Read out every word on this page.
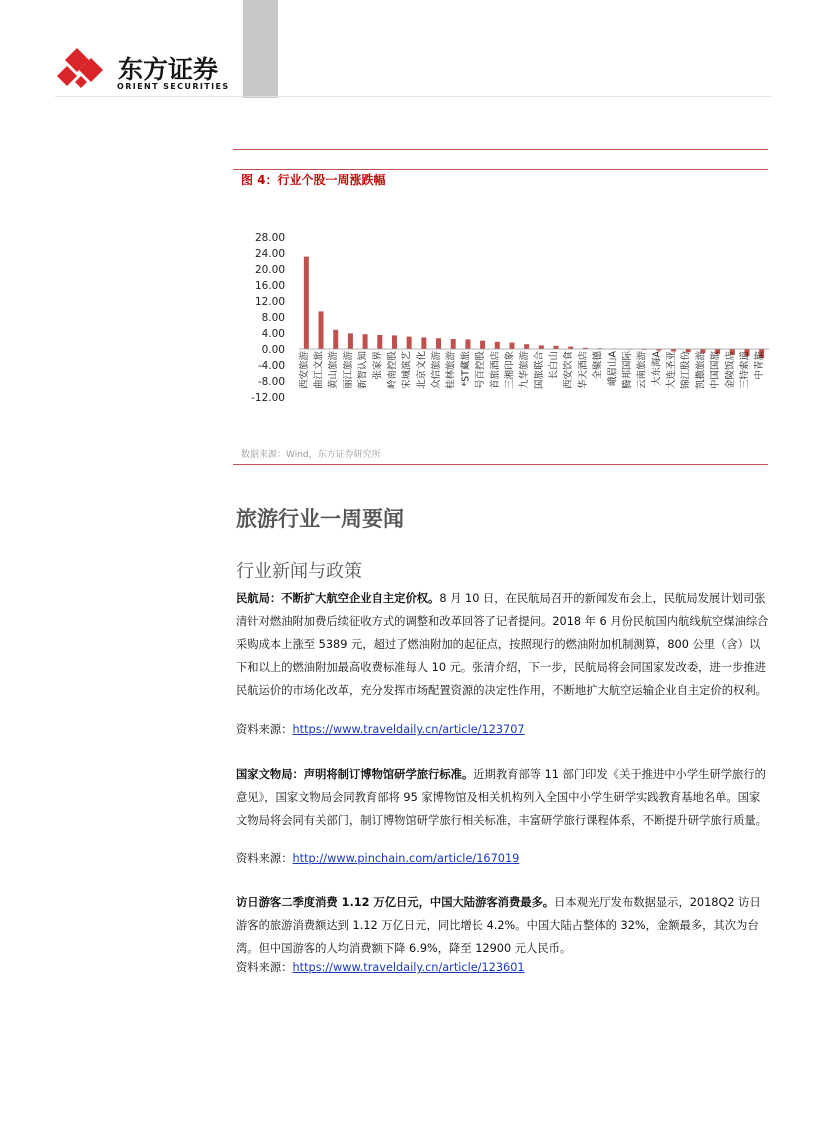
东方证券
ORIENT SECURITIES
图 4：行业个股一周涨跌幅
28.00
24.00
20.00
16.00
12.00
8.00
4.00
0.00
-4.00
-8.00
-12.00
西安旅游 曲江文旅 黄山旅游 丽江旅游 新智认知 张家界 岭南控股 宋城演艺 北京文化 众信旅游 桂林旅游 *ST藏旅 号百控股 首旅酒店 三湘印象 九华旅游 国旅联合 长白山 西安饮食 华天酒店 全聚德 峨眉山A 腾邦国际 云南旅游 大东海A 大连圣亚 锦江股份 凯撒旅游 中国国旅 金陵饭店 三特索道 中青旅
数据来源：Wind，东方证券研究所
旅游行业一周要闻
行业新闻与政策
民航局：不断扩大航空企业自主定价权。8 月 10 日，在民航局召开的新闻发布会上，民航局发展计划司张清针对燃油附加费后续征收方式的调整和改革回答了记者提问。2018 年 6 月份民航国内航线航空煤油综合采购成本上涨至 5389 元，超过了燃油附加的起征点，按照现行的燃油附加机制测算，800 公里（含）以下和以上的燃油附加最高收费标准每人 10 元。张清介绍，下一步，民航局将会同国家发改委，进一步推进民航运价的市场化改革，充分发挥市场配置资源的决定性作用，不断地扩大航空运输企业自主定价的权利。
资料来源：https://www.traveldaily.cn/article/123707
国家文物局：声明将制订博物馆研学旅行标准。近期教育部等 11 部门印发《关于推进中小学生研学旅行的意见》，国家文物局会同教育部将 95 家博物馆及相关机构列入全国中小学生研学实践教育基地名单。国家文物局将会同有关部门，制订博物馆研学旅行相关标准，丰富研学旅行课程体系，不断提升研学旅行质量。
资料来源：http://www.pinchain.com/article/167019
访日游客二季度消费 1.12 万亿日元，中国大陆游客消费最多。日本观光厅发布数据显示，2018Q2 访日游客的旅游消费额达到 1.12 万亿日元，同比增长 4.2%。中国大陆占整体的 32%，金额最多，其次为台湾。但中国游客的人均消费额下降 6.9%，降至 12900 元人民币。
资料来源：https://www.traveldaily.cn/article/123601
